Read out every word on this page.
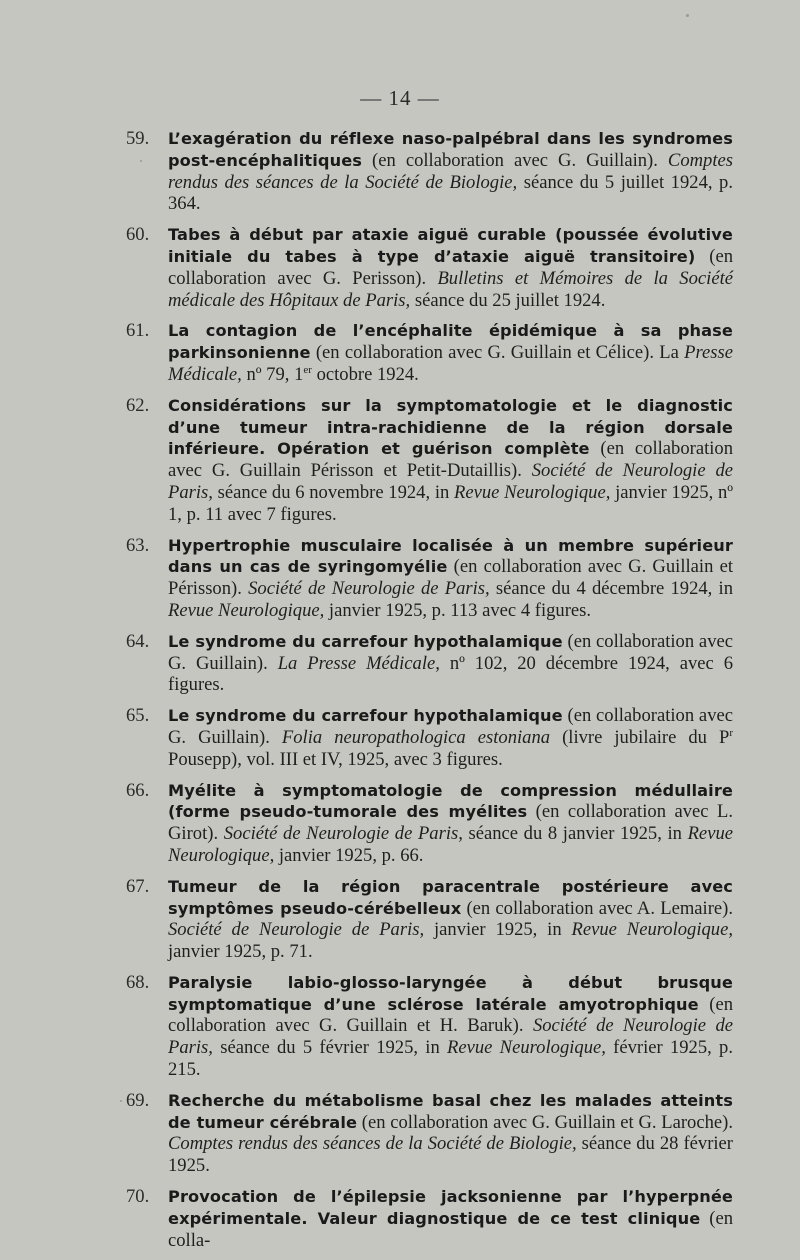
— 14 —
59.	L’exagération du réflexe naso-palpébral dans les syndromes post-encéphalitiques (en collaboration avec G. Guillain). Comptes rendus des séances de la Société de Biologie, séance du 5 juillet 1924, p. 364.
60.	Tabes à début par ataxie aiguë curable (poussée évolutive initiale du tabes à type d’ataxie aiguë transitoire) (en collaboration avec G. Perisson). Bulletins et Mémoires de la Société médicale des Hôpitaux de Paris, séance du 25 juillet 1924.
61.	La contagion de l’encéphalite épidémique à sa phase parkinsonienne (en collaboration avec G. Guillain et Célice). La Presse Médicale, nº 79, 1er octobre 1924.
62.	Considérations sur la symptomatologie et le diagnostic d’une tumeur intra-rachidienne de la région dorsale inférieure. Opération et guérison complète (en collaboration avec G. Guillain Périsson et Petit-Dutaillis). Société de Neurologie de Paris, séance du 6 novembre 1924, in Revue Neurologique, janvier 1925, nº 1, p. 11 avec 7 figures.
63.	Hypertrophie musculaire localisée à un membre supérieur dans un cas de syringomyélie (en collaboration avec G. Guillain et Périsson). Société de Neurologie de Paris, séance du 4 décembre 1924, in Revue Neurologique, janvier 1925, p. 113 avec 4 figures.
64.	Le syndrome du carrefour hypothalamique (en collaboration avec G. Guillain). La Presse Médicale, nº 102, 20 décembre 1924, avec 6 figures.
65.	Le syndrome du carrefour hypothalamique (en collaboration avec G. Guillain). Folia neuropathologica estoniana (livre jubilaire du $P^r$ Pousepp), vol. III et IV, 1925, avec 3 figures.
66.	Myélite à symptomatologie de compression médullaire (forme pseudo-tumorale des myélites (en collaboration avec L. Girot). Société de Neurologie de Paris, séance du 8 janvier 1925, in Revue Neurologique, janvier 1925, p. 66.
67.	Tumeur de la région paracentrale postérieure avec symptômes pseudo-cérébelleux (en collaboration avec A. Lemaire). Société de Neurologie de Paris, janvier 1925, in Revue Neurologique, janvier 1925, p. 71.
68.	Paralysie labio-glosso-laryngée à début brusque symptomatique d’une sclérose latérale amyotrophique (en collaboration avec G. Guillain et H. Baruk). Société de Neurologie de Paris, séance du 5 février 1925, in Revue Neurologique, février 1925, p. 215.
69.	Recherche du métabolisme basal chez les malades atteints de tumeur cérébrale (en collaboration avec G. Guillain et G. Laroche). Comptes rendus des séances de la Société de Biologie, séance du 28 février 1925.
70.	Provocation de l’épilepsie jacksonienne par l’hyperpnée expérimentale. Valeur diagnostique de ce test clinique (en colla-
